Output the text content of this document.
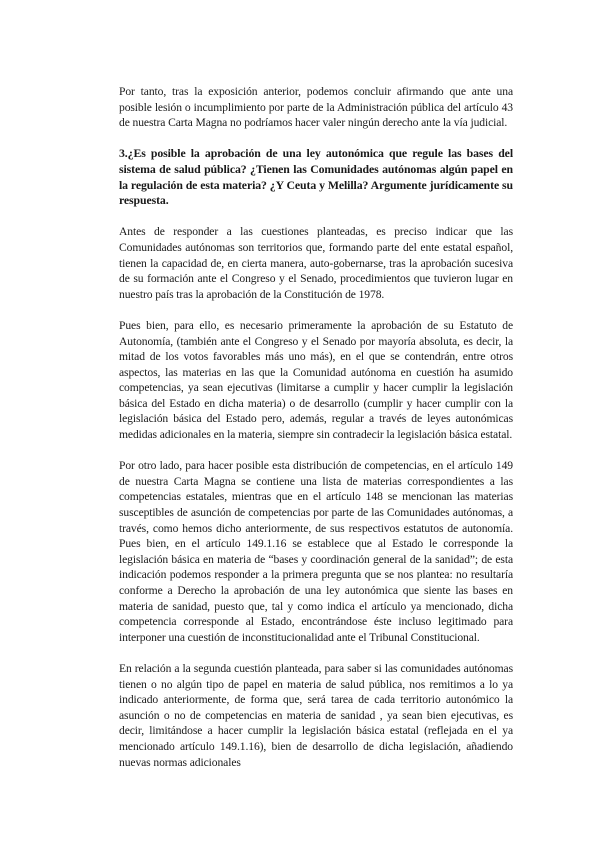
Por tanto, tras la exposición anterior, podemos concluir afirmando que ante una posible lesión o incumplimiento por parte de la Administración pública del artículo 43 de nuestra Carta Magna no podríamos hacer valer ningún derecho ante la vía judicial.

3.¿Es posible la aprobación de una ley autonómica que regule las bases del sistema de salud pública? ¿Tienen las Comunidades autónomas algún papel en la regulación de esta materia? ¿Y Ceuta y Melilla? Argumente jurídicamente su respuesta.

Antes de responder a las cuestiones planteadas, es preciso indicar que las Comunidades autónomas son territorios que, formando parte del ente estatal español, tienen la capacidad de, en cierta manera, auto-gobernarse, tras la aprobación sucesiva de su formación ante el Congreso y el Senado, procedimientos que tuvieron lugar en nuestro país tras la aprobación de la Constitución de 1978.

Pues bien, para ello, es necesario primeramente la aprobación de su Estatuto de Autonomía, (también ante el Congreso y el Senado por mayoría absoluta, es decir, la mitad de los votos favorables más uno más), en el que se contendrán, entre otros aspectos, las materias en las que la Comunidad autónoma en cuestión ha asumido competencias, ya sean ejecutivas (limitarse a cumplir y hacer cumplir la legislación básica del Estado en dicha materia) o de desarrollo (cumplir y hacer cumplir con la legislación básica del Estado pero, además, regular a través de leyes autonómicas medidas adicionales en la materia, siempre sin contradecir la legislación básica estatal.

Por otro lado, para hacer posible esta distribución de competencias, en el artículo 149 de nuestra Carta Magna se contiene una lista de materias correspondientes a las competencias estatales, mientras que en el artículo 148 se mencionan las materias susceptibles de asunción de competencias por parte de las Comunidades autónomas, a través, como hemos dicho anteriormente, de sus respectivos estatutos de autonomía. Pues bien, en el artículo 149.1.16 se establece que al Estado le corresponde la legislación básica en materia de “bases y coordinación general de la sanidad”; de esta indicación podemos responder a la primera pregunta que se nos plantea: no resultaría conforme a Derecho la aprobación de una ley autonómica que siente las bases en materia de sanidad, puesto que, tal y como indica el artículo ya mencionado, dicha competencia corresponde al Estado, encontrándose éste incluso legitimado para interponer una cuestión de inconstitucionalidad ante el Tribunal Constitucional.

En relación a la segunda cuestión planteada, para saber si las comunidades autónomas tienen o no algún tipo de papel en materia de salud pública, nos remitimos a lo ya indicado anteriormente, de forma que, será tarea de cada territorio autonómico la asunción o no de competencias en materia de sanidad , ya sean bien ejecutivas, es decir, limitándose a hacer cumplir la legislación básica estatal (reflejada en el ya mencionado artículo 149.1.16), bien de desarrollo de dicha legislación, añadiendo nuevas normas adicionales
